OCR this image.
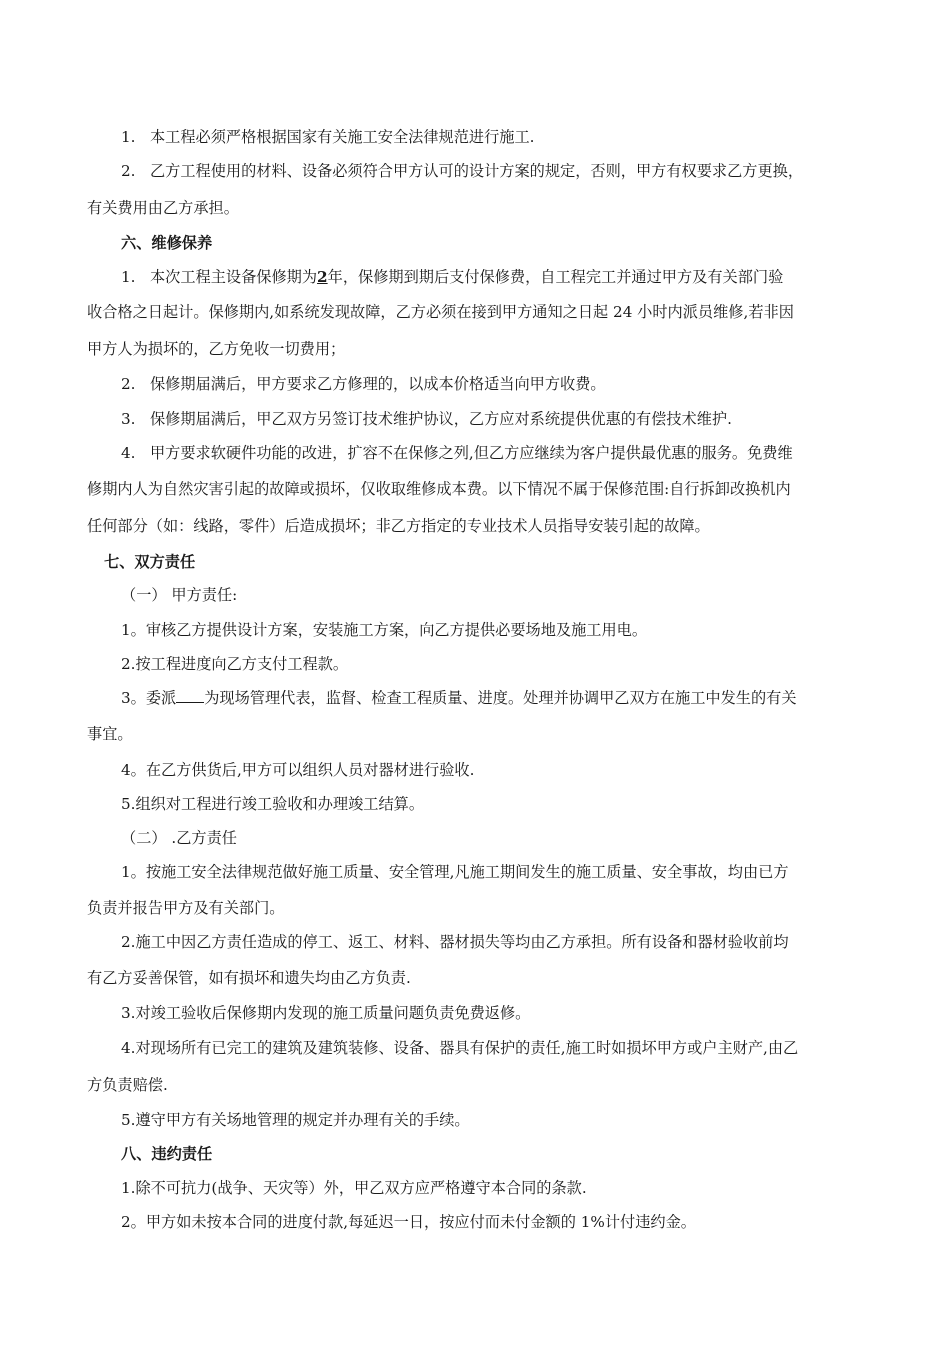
1.   本工程必须严格根据国家有关施工安全法律规范进行施工.
2.   乙方工程使用的材料、设备必须符合甲方认可的设计方案的规定，否则，甲方有权要求乙方更换，
有关费用由乙方承担。
六、维修保养
1.   本次工程主设备保修期为2年，保修期到期后支付保修费，自工程完工并通过甲方及有关部门验
收合格之日起计。保修期内,如系统发现故障，乙方必须在接到甲方通知之日起 24 小时内派员维修,若非因
甲方人为损坏的，乙方免收一切费用；
2.   保修期届满后，甲方要求乙方修理的，以成本价格适当向甲方收费。
3.   保修期届满后，甲乙双方另签订技术维护协议，乙方应对系统提供优惠的有偿技术维护.
4.   甲方要求软硬件功能的改进，扩容不在保修之列,但乙方应继续为客户提供最优惠的服务。免费维
修期内人为自然灾害引起的故障或损坏，仅收取维修成本费。以下情况不属于保修范围:自行拆卸改换机内
任何部分（如：线路，零件）后造成损坏；非乙方指定的专业技术人员指导安装引起的故障。
七、双方责任
（一） 甲方责任:
1。审核乙方提供设计方案，安装施工方案，向乙方提供必要场地及施工用电。
2.按工程进度向乙方支付工程款。
3。委派 为现场管理代表，监督、检查工程质量、进度。处理并协调甲乙双方在施工中发生的有关
事宜。
4。在乙方供货后,甲方可以组织人员对器材进行验收.
5.组织对工程进行竣工验收和办理竣工结算。
（二） .乙方责任
1。按施工安全法律规范做好施工质量、安全管理,凡施工期间发生的施工质量、安全事故，均由已方
负责并报告甲方及有关部门。
2.施工中因乙方责任造成的停工、返工、材料、器材损失等均由乙方承担。所有设备和器材验收前均
有乙方妥善保管，如有损坏和遗失均由乙方负责.
3.对竣工验收后保修期内发现的施工质量问题负责免费返修。
4.对现场所有已完工的建筑及建筑装修、设备、器具有保护的责任,施工时如损坏甲方或户主财产,由乙
方负责赔偿.
5.遵守甲方有关场地管理的规定并办理有关的手续。
八、违约责任
1.除不可抗力(战争、天灾等）外，甲乙双方应严格遵守本合同的条款.
2。甲方如未按本合同的进度付款,每延迟一日，按应付而未付金额的 1%计付违约金。
